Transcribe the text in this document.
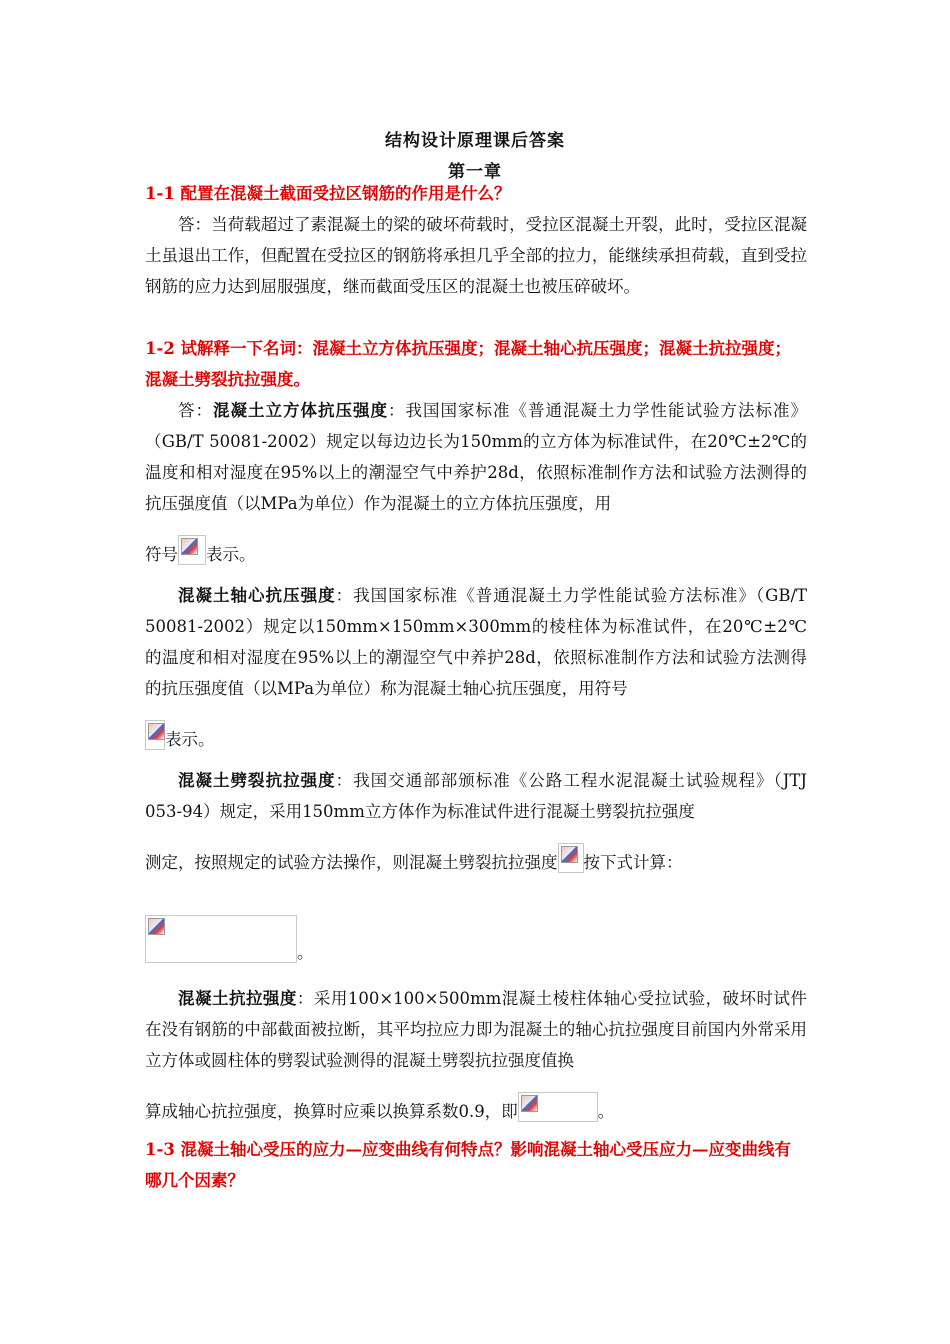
结构设计原理课后答案
第一章
1-1 配置在混凝土截面受拉区钢筋的作用是什么？
答：当荷载超过了素混凝土的梁的破坏荷载时，受拉区混凝土开裂，此时，受拉区混凝土虽退出工作，但配置在受拉区的钢筋将承担几乎全部的拉力，能继续承担荷载，直到受拉钢筋的应力达到屈服强度，继而截面受压区的混凝土也被压碎破坏。
1-2 试解释一下名词：混凝土立方体抗压强度；混凝土轴心抗压强度；混凝土抗拉强度；混凝土劈裂抗拉强度。
答：混凝土立方体抗压强度：我国国家标准《普通混凝土力学性能试验方法标准》（GB/T 50081-2002）规定以每边边长为150mm的立方体为标准试件，在20℃±2℃的温度和相对湿度在95%以上的潮湿空气中养护28d，依照标准制作方法和试验方法测得的抗压强度值（以MPa为单位）作为混凝土的立方体抗压强度，用
符号 表示。
混凝土轴心抗压强度：我国国家标准《普通混凝土力学性能试验方法标准》（GB/T 50081-2002）规定以150mm×150mm×300mm的棱柱体为标准试件，在20℃±2℃的温度和相对湿度在95%以上的潮湿空气中养护28d，依照标准制作方法和试验方法测得的抗压强度值（以MPa为单位）称为混凝土轴心抗压强度，用符号
表示。
混凝土劈裂抗拉强度：我国交通部部颁标准《公路工程水泥混凝土试验规程》（JTJ 053-94）规定，采用150mm立方体作为标准试件进行混凝土劈裂抗拉强度
测定，按照规定的试验方法操作，则混凝土劈裂抗拉强度 按下式计算：
。
混凝土抗拉强度：采用100×100×500mm混凝土棱柱体轴心受拉试验，破坏时试件在没有钢筋的中部截面被拉断，其平均拉应力即为混凝土的轴心抗拉强度目前国内外常采用立方体或圆柱体的劈裂试验测得的混凝土劈裂抗拉强度值换
算成轴心抗拉强度，换算时应乘以换算系数0.9，即	。
1-3 混凝土轴心受压的应力—应变曲线有何特点？影响混凝土轴心受压应力—应变曲线有哪几个因素？
